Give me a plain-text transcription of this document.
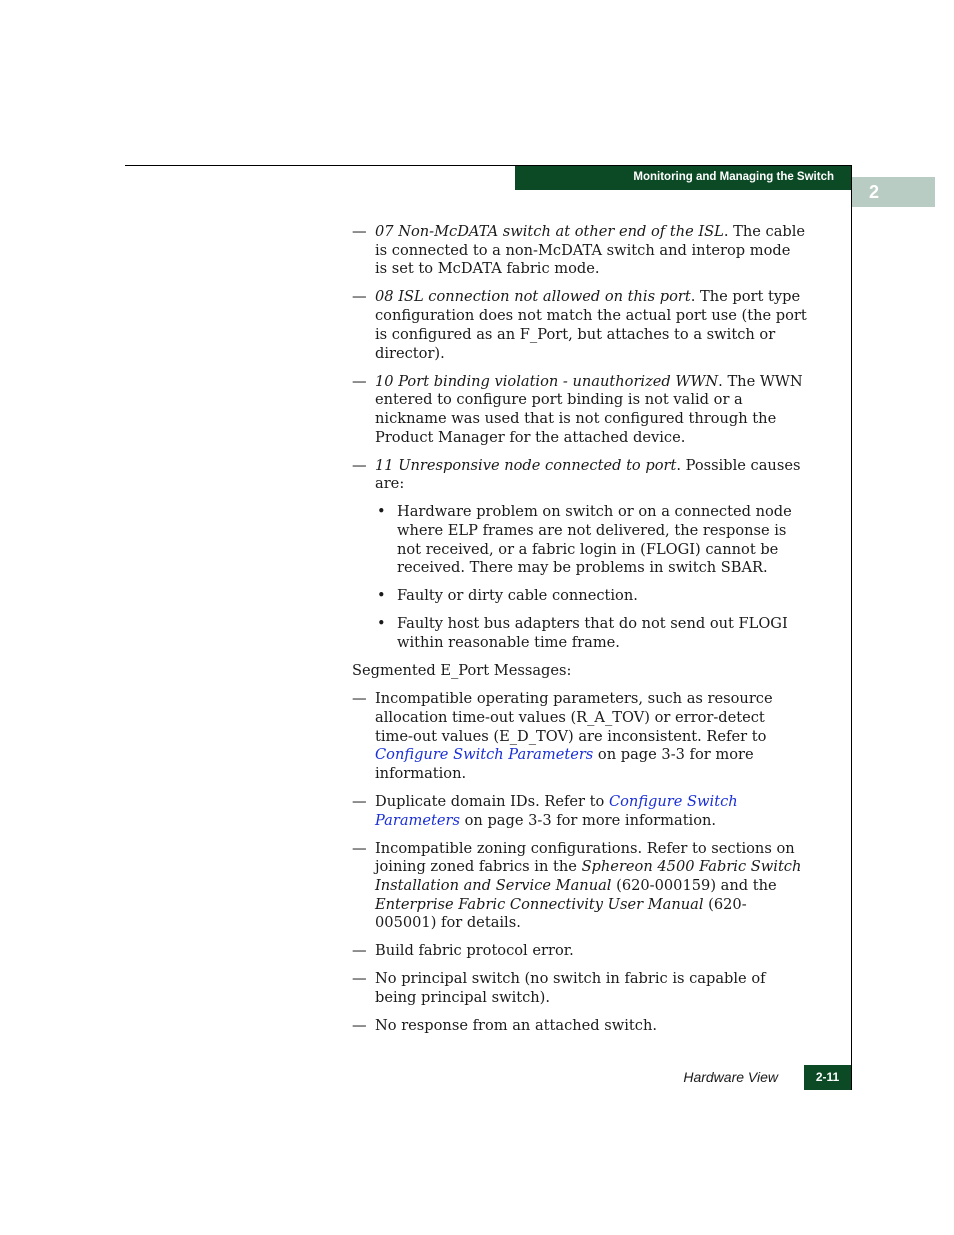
Monitoring and Managing the Switch
2
— 07 Non-McDATA switch at other end of the ISL. The cable is connected to a non-McDATA switch and interop mode is set to McDATA fabric mode.
— 08 ISL connection not allowed on this port. The port type configuration does not match the actual port use (the port is configured as an F_Port, but attaches to a switch or director).
— 10 Port binding violation - unauthorized WWN. The WWN entered to configure port binding is not valid or a nickname was used that is not configured through the Product Manager for the attached device.
— 11 Unresponsive node connected to port. Possible causes are:
• Hardware problem on switch or on a connected node where ELP frames are not delivered, the response is not received, or a fabric login in (FLOGI) cannot be received. There may be problems in switch SBAR.
• Faulty or dirty cable connection.
• Faulty host bus adapters that do not send out FLOGI within reasonable time frame.

Segmented E_Port Messages:

— Incompatible operating parameters, such as resource allocation time-out values (R_A_TOV) or error-detect time-out values (E_D_TOV) are inconsistent. Refer to Configure Switch Parameters on page 3-3 for more information.
— Duplicate domain IDs. Refer to Configure Switch Parameters on page 3-3 for more information.
— Incompatible zoning configurations. Refer to sections on joining zoned fabrics in the Sphereon 4500 Fabric Switch Installation and Service Manual (620-000159) and the Enterprise Fabric Connectivity User Manual (620-005001) for details.
— Build fabric protocol error.
— No principal switch (no switch in fabric is capable of being principal switch).
— No response from an attached switch.
Hardware View	2-11
